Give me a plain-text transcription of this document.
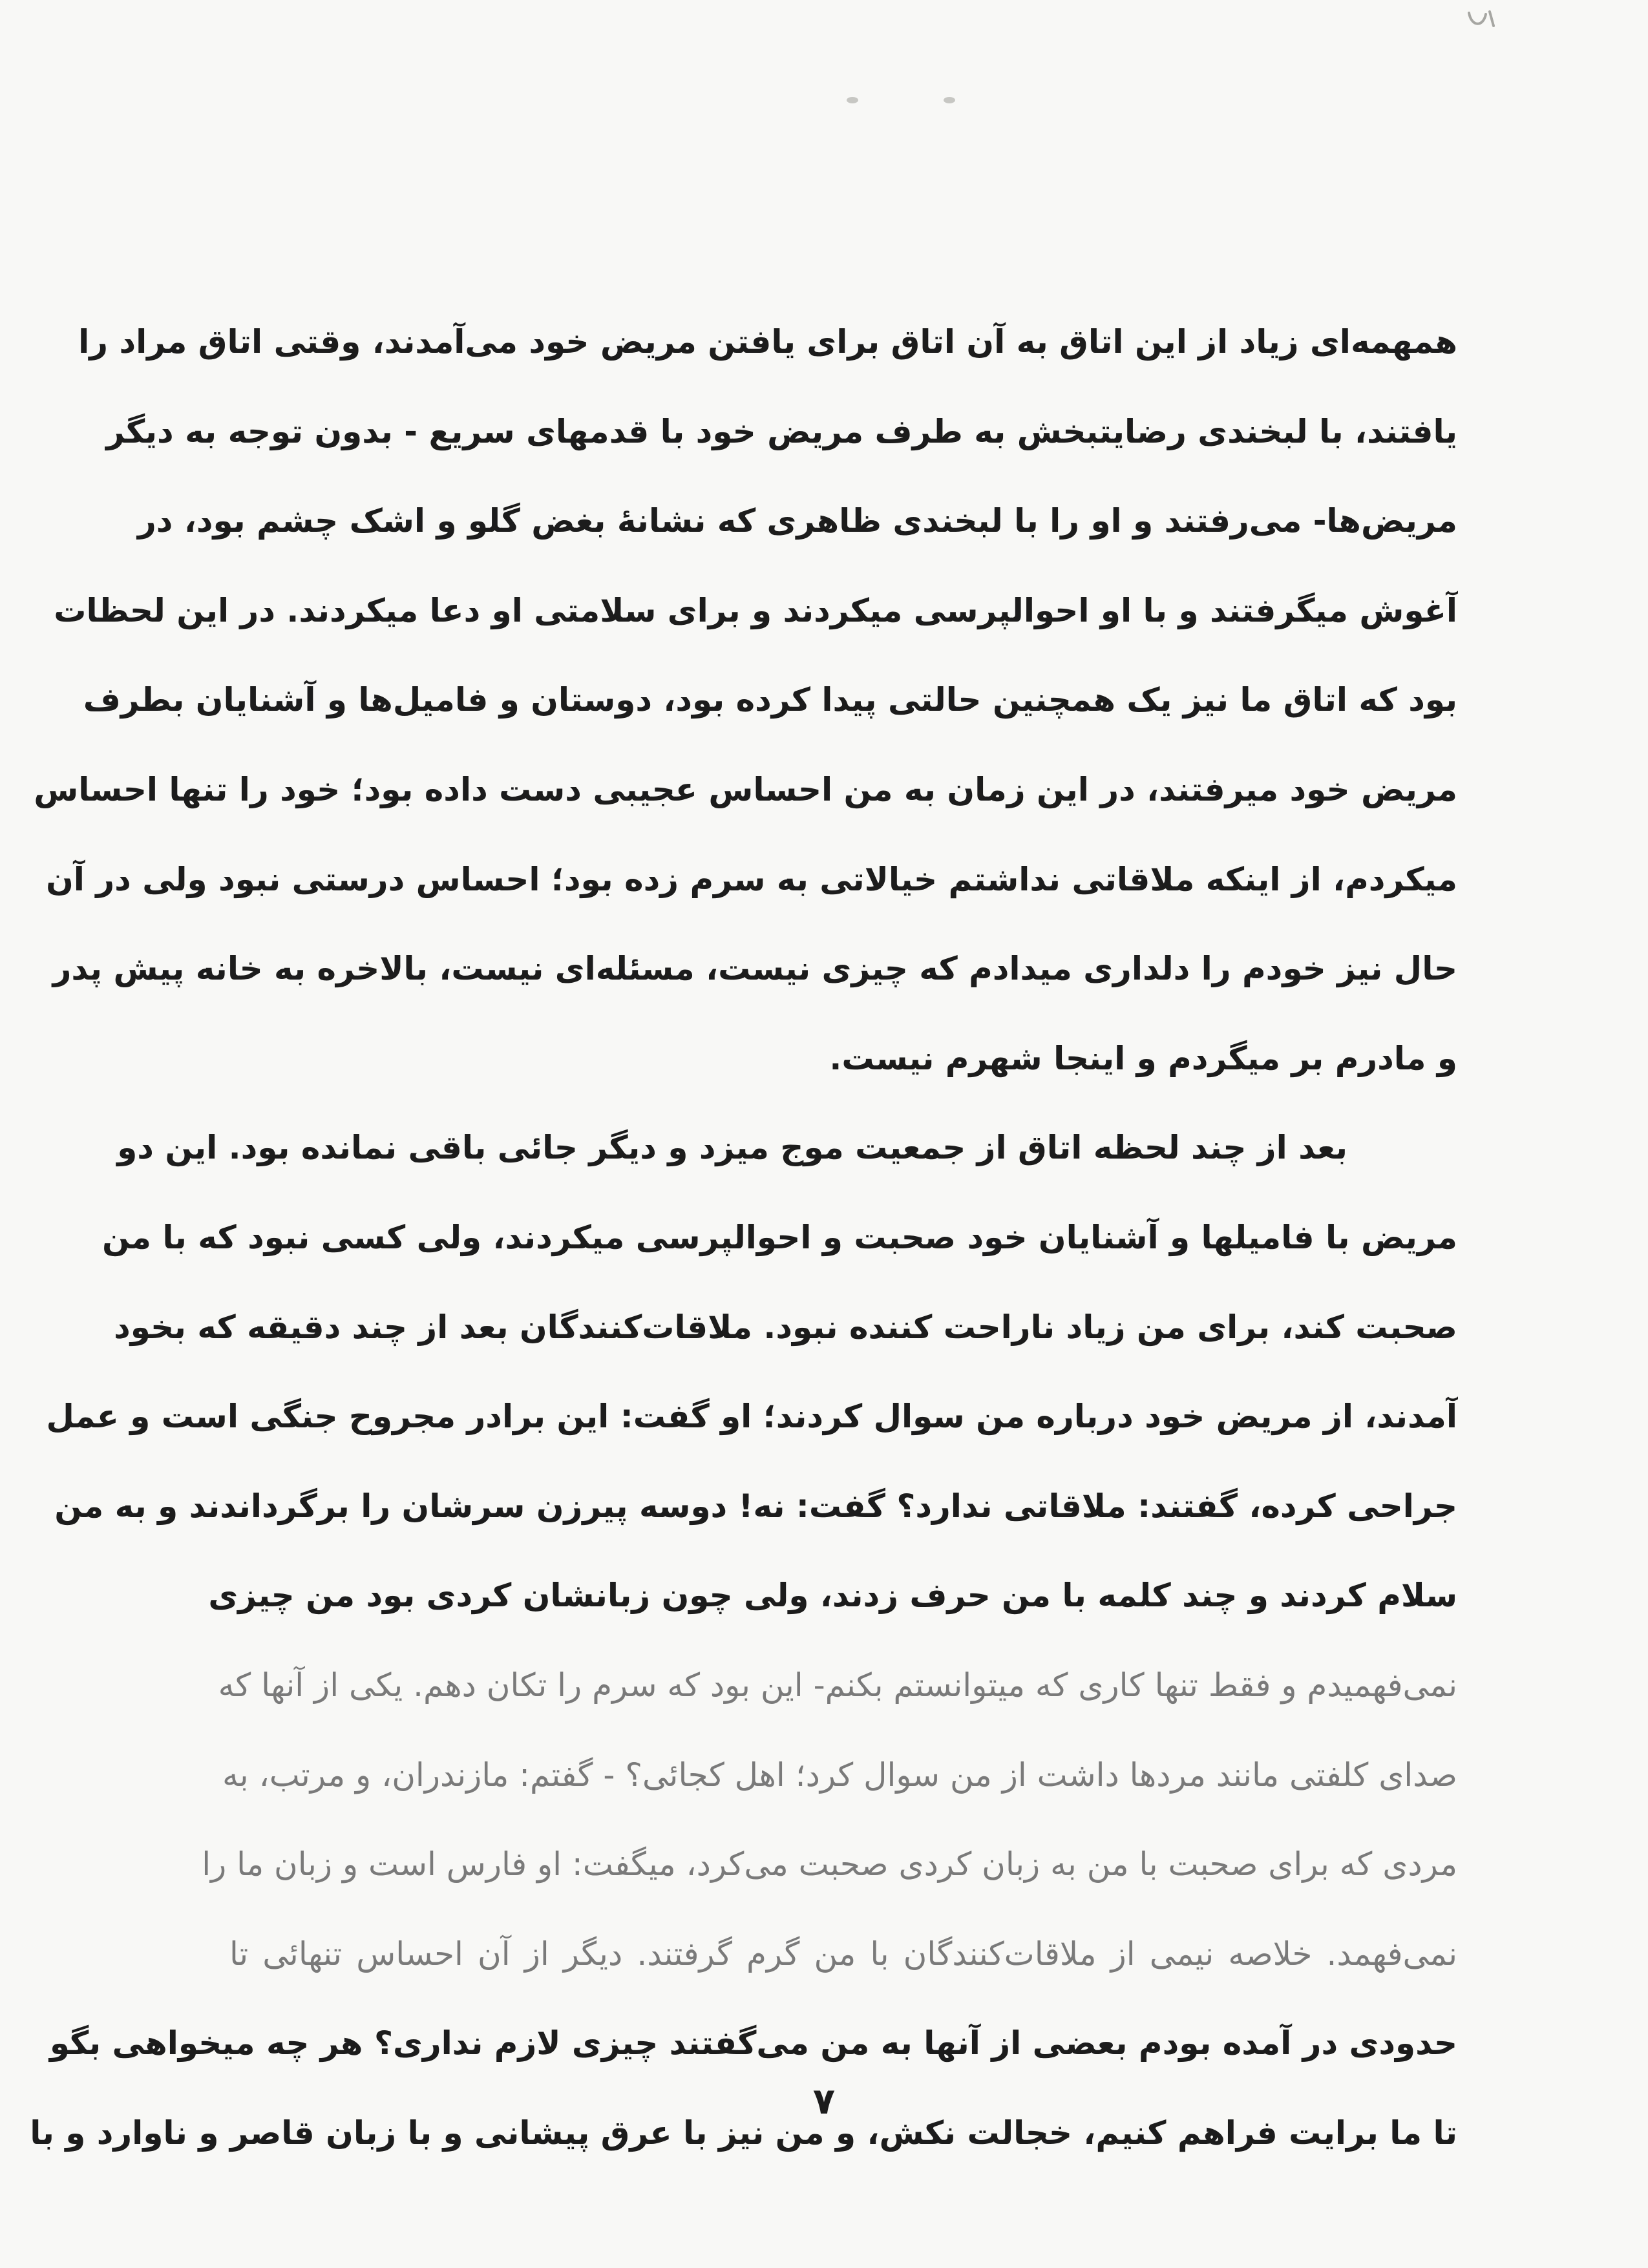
همهمه‌ای زیاد از این اتاق به آن اتاق برای یافتن مریض خود می‌آمدند، وقتی اتاق مراد را
یافتند، با لبخندی رضایتبخش به طرف مریض خود با قدمهای سریع - بدون توجه به دیگر
مریض‌ها- می‌رفتند و او را با لبخندی ظاهری که نشانهٔ بغض گلو و اشک چشم بود، در
آغوش میگرفتند و با او احوالپرسی میکردند و برای سلامتی او دعا میکردند. در این لحظات
بود که اتاق ما نیز یک همچنین حالتی پیدا کرده بود، دوستان و فامیل‌ها و آشنایان بطرف
مریض خود میرفتند، در این زمان به من احساس عجیبی دست داده بود؛ خود را تنها احساس
میکردم، از اینکه ملاقاتی نداشتم خیالاتی به سرم زده بود؛ احساس درستی نبود ولی در آن
حال نیز خودم را دلداری میدادم که چیزی نیست، مسئله‌ای نیست، بالاخره به خانه پیش پدر
و مادرم بر میگردم و اینجا شهرم نیست.
بعد از چند لحظه اتاق از جمعیت موج میزد و دیگر جائی باقی نمانده بود. این دو
مریض با فامیلها و آشنایان خود صحبت و احوالپرسی میکردند، ولی کسی نبود که با من
صحبت کند، برای من زیاد ناراحت کننده نبود. ملاقات‌کنندگان بعد از چند دقیقه که بخود
آمدند، از مریض خود درباره من سوال کردند؛ او گفت: این برادر مجروح جنگی است و عمل
جراحی کرده، گفتند: ملاقاتی ندارد؟ گفت: نه! دوسه پیرزن سرشان را برگرداندند و به من
سلام کردند و چند کلمه با من حرف زدند، ولی چون زبانشان کردی بود من چیزی
نمی‌فهمیدم و فقط تنها کاری که میتوانستم بکنم- این بود که سرم را تکان دهم. یکی از آنها که
صدای کلفتی مانند مردها داشت از من سوال کرد؛ اهل کجائی؟ - گفتم: مازندران، و مرتب، به
مردی که برای صحبت با من به زبان کردی صحبت می‌کرد، میگفت: او فارس است و زبان ما را
نمی‌فهمد. خلاصه نیمی از ملاقات‌کنندگان با من گرم گرفتند. دیگر از آن احساس تنهائی تا
حدودی در آمده بودم بعضی از آنها به من می‌گفتند چیزی لازم نداری؟ هر چه میخواهی بگو
تا ما برایت فراهم کنیم، خجالت نکش، و من نیز با عرق پیشانی و با زبان قاصر و ناوارد و با
۷
